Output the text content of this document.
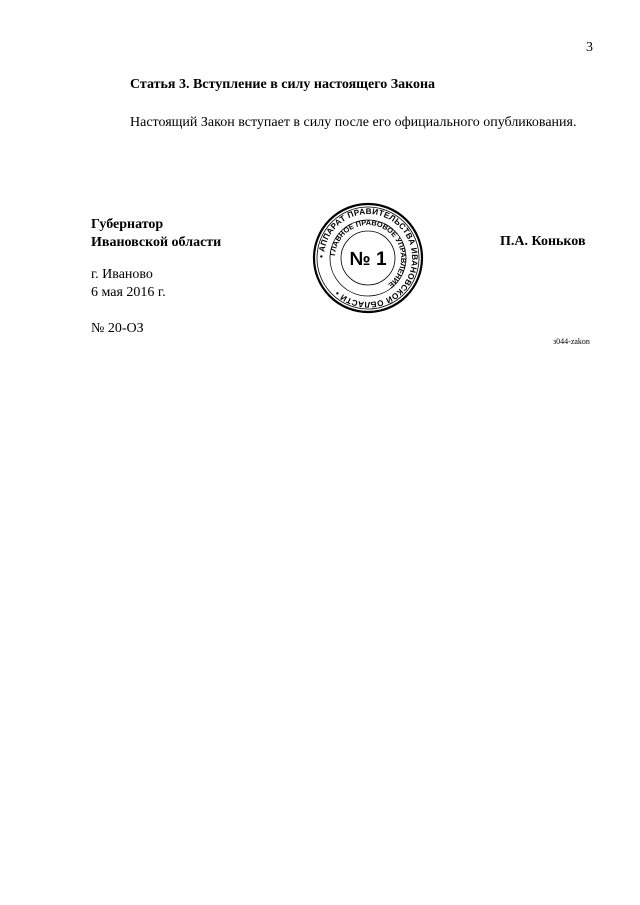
3
Статья 3. Вступление в силу настоящего Закона

Настоящий Закон вступает в силу после его официального опубликования.

Губернатор
Ивановской области
• АППАРАТ ПРАВИТЕЛЬСТВА ИВАНОВСКОЙ ОБЛАСТИ •
ГЛАВНОЕ ПРАВОВОЕ УПРАВЛЕНИЕ
№ 1
П.А. Коньков
г. Иваново
6 мая 2016 г.
№ 20-ОЗ
з044-zakon
